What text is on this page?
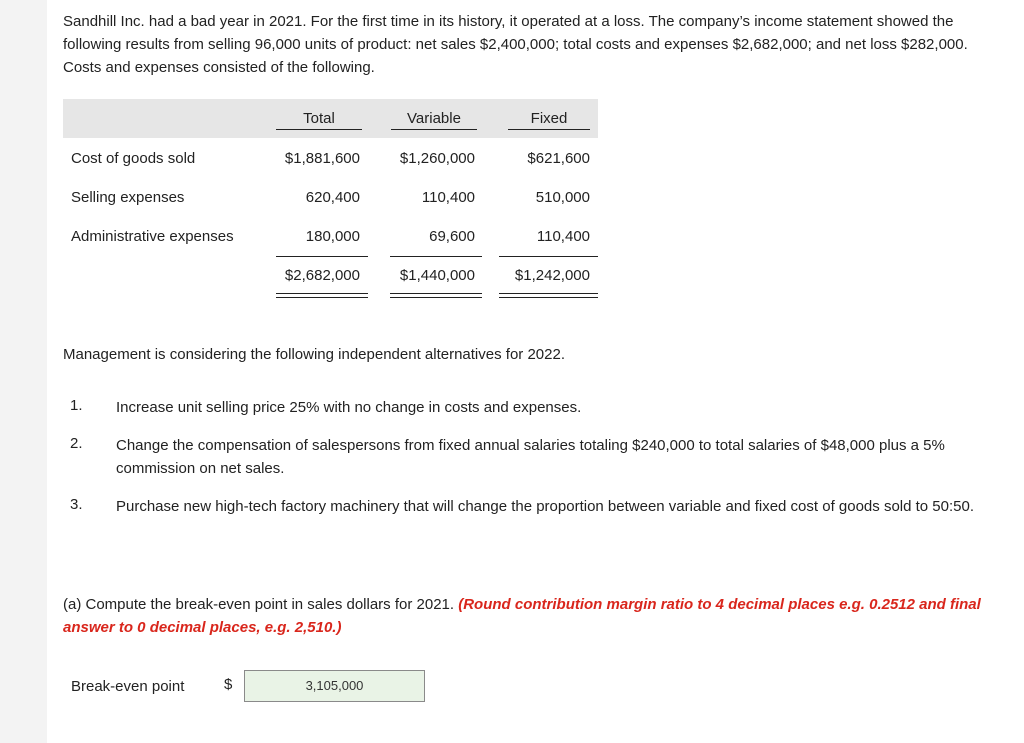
Sandhill Inc. had a bad year in 2021. For the first time in its history, it operated at a loss. The company’s income statement showed the following results from selling 96,000 units of product: net sales $2,400,000; total costs and expenses $2,682,000; and net loss $282,000. Costs and expenses consisted of the following.
Total	Variable	Fixed
Cost of goods sold	$1,881,600	$1,260,000	$621,600
Selling expenses	620,400	110,400	510,000
Administrative expenses	180,000	69,600	110,400
$2,682,000	$1,440,000	$1,242,000
Management is considering the following independent alternatives for 2022.
1. Increase unit selling price 25% with no change in costs and expenses.
2. Change the compensation of salespersons from fixed annual salaries totaling $240,000 to total salaries of $48,000 plus a 5% commission on net sales.
3. Purchase new high-tech factory machinery that will change the proportion between variable and fixed cost of goods sold to 50:50.
(a) Compute the break-even point in sales dollars for 2021. (Round contribution margin ratio to 4 decimal places e.g. 0.2512 and final answer to 0 decimal places, e.g. 2,510.)
Break-even point	$	3,105,000
